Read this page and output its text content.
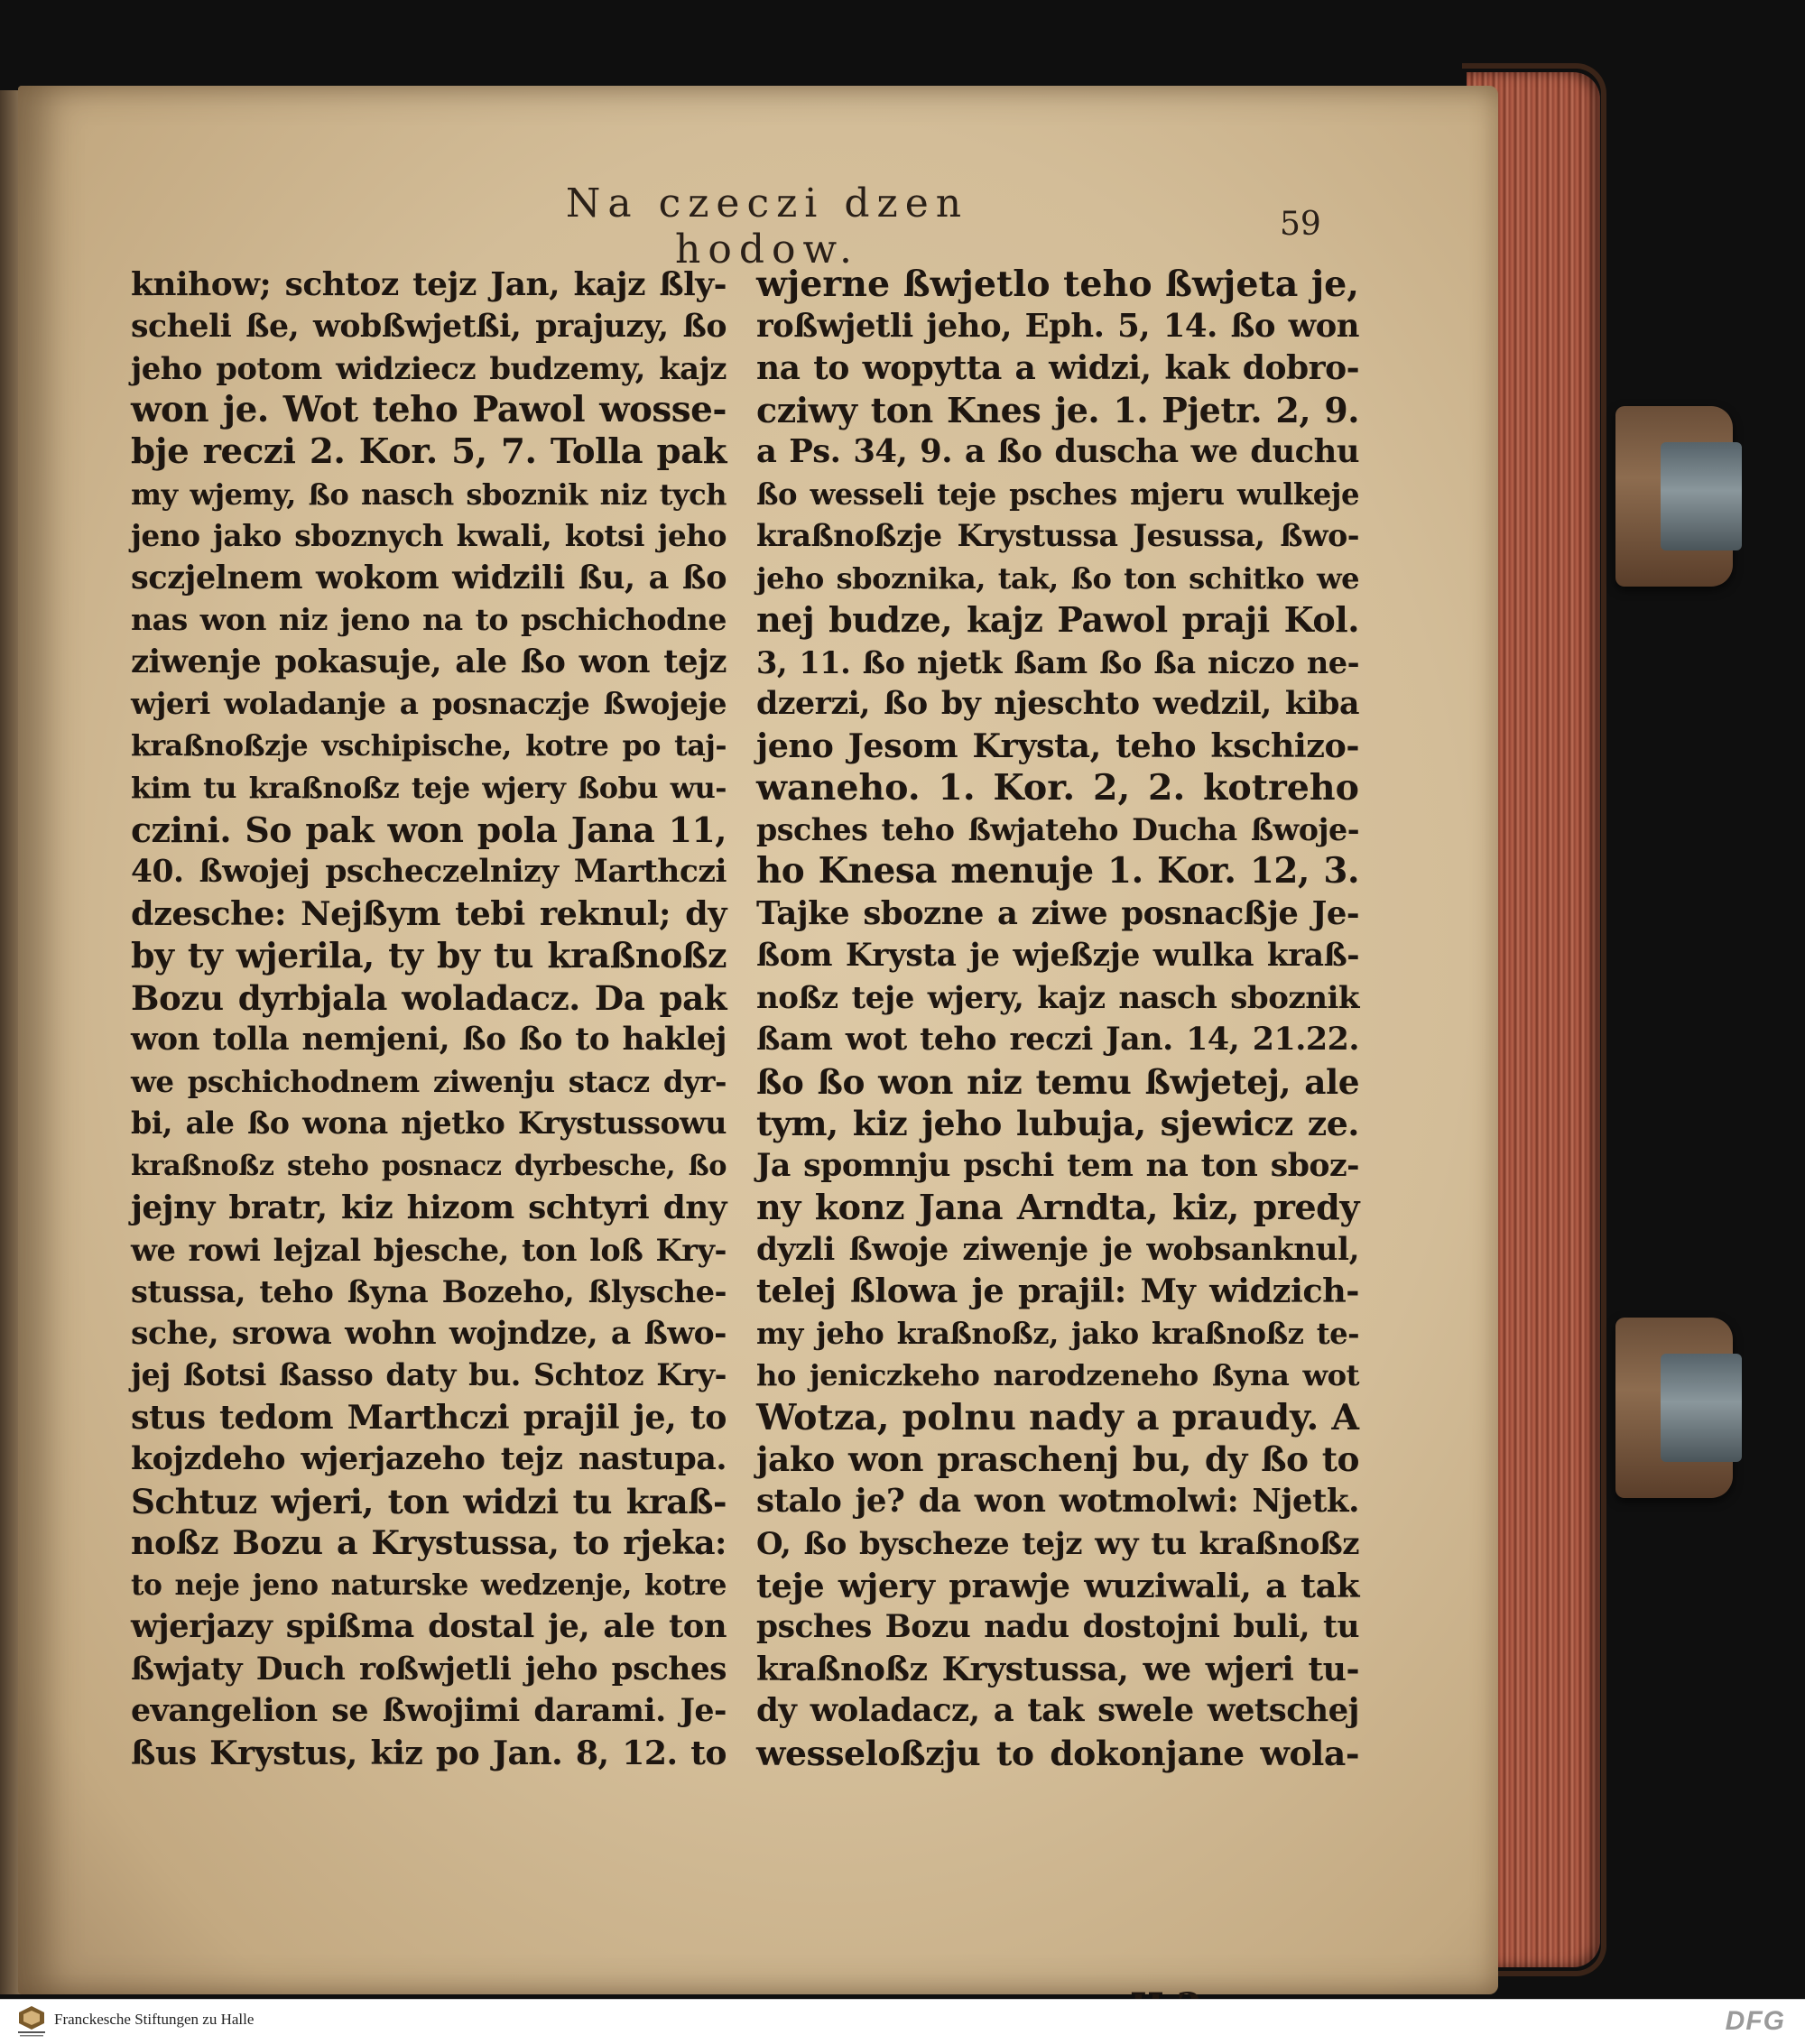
Na czeczi dzen hodow.
59
knihow; schtoz tejz Jan, kajz ßly-
scheli ße, wobßwjetßi, prajuzy, ßo
jeho potom widziecz budzemy, kajz
won je. Wot teho Pawol wosse-
bje reczi 2. Kor. 5, 7. Tolla pak
my wjemy, ßo nasch sboznik niz tych
jeno jako sboznych kwali, kotsi jeho
sczjelnem wokom widzili ßu, a ßo
nas won niz jeno na to pschichodne
ziwenje pokasuje, ale ßo won tejz
wjeri woladanje a posnaczje ßwojeje
kraßnoßzje vschipische, kotre po taj-
kim tu kraßnoßz teje wjery ßobu wu-
czini. So pak won pola Jana 11,
40. ßwojej pscheczelnizy Marthczi
dzesche: Nejßym tebi reknul; dy
by ty wjerila, ty by tu kraßnoßz
Bozu dyrbjala woladacz. Da pak
won tolla nemjeni, ßo ßo to haklej
we pschichodnem ziwenju stacz dyr-
bi, ale ßo wona njetko Krystussowu
kraßnoßz steho posnacz dyrbesche, ßo
jejny bratr, kiz hizom schtyri dny
we rowi lejzal bjesche, ton loß Kry-
stussa, teho ßyna Bozeho, ßlysche-
sche, srowa wohn wojndze, a ßwo-
jej ßotsi ßasso daty bu. Schtoz Kry-
stus tedom Marthczi prajil je, to
kojzdeho wjerjazeho tejz nastupa.
Schtuz wjeri, ton widzi tu kraß-
noßz Bozu a Krystussa, to rjeka:
to neje jeno naturske wedzenje, kotre
wjerjazy spißma dostal je, ale ton
ßwjaty Duch roßwjetli jeho psches
evangelion se ßwojimi darami. Je-
ßus Krystus, kiz po Jan. 8, 12. to
wjerne ßwjetlo teho ßwjeta je,
roßwjetli jeho, Eph. 5, 14. ßo won
na to wopytta a widzi, kak dobro-
cziwy ton Knes je. 1. Pjetr. 2, 9.
a Ps. 34, 9. a ßo duscha we duchu
ßo wesseli teje psches mjeru wulkeje
kraßnoßzje Krystussa Jesussa, ßwo-
jeho sboznika, tak, ßo ton schitko we
nej budze, kajz Pawol praji Kol.
3, 11. ßo njetk ßam ßo ßa niczo ne-
dzerzi, ßo by njeschto wedzil, kiba
jeno Jesom Krysta, teho kschizo-
waneho. 1. Kor. 2, 2. kotreho
psches teho ßwjateho Ducha ßwoje-
ho Knesa menuje 1. Kor. 12, 3.
Tajke sbozne a ziwe posnacßje Je-
ßom Krysta je wjeßzje wulka kraß-
noßz teje wjery, kajz nasch sboznik
ßam wot teho reczi Jan. 14, 21.22.
ßo ßo won niz temu ßwjetej, ale
tym, kiz jeho lubuja, sjewicz ze.
Ja spomnju pschi tem na ton sboz-
ny konz Jana Arndta, kiz, predy
dyzli ßwoje ziwenje je wobsanknul,
telej ßlowa je prajil: My widzich-
my jeho kraßnoßz, jako kraßnoßz te-
ho jeniczkeho narodzeneho ßyna wot
Wotza, polnu nady a praudy. A
jako won praschenj bu, dy ßo to
stalo je? da won wotmolwi: Njetk.
O, ßo byscheze tejz wy tu kraßnoßz
teje wjery prawje wuziwali, a tak
psches Bozu nadu dostojni buli, tu
kraßnoßz Krystussa, we wjeri tu-
dy woladacz, a tak swele wetschej
wesseloßzju to dokonjane wola-
Franckesche Stiftungen zu Halle	DFG
